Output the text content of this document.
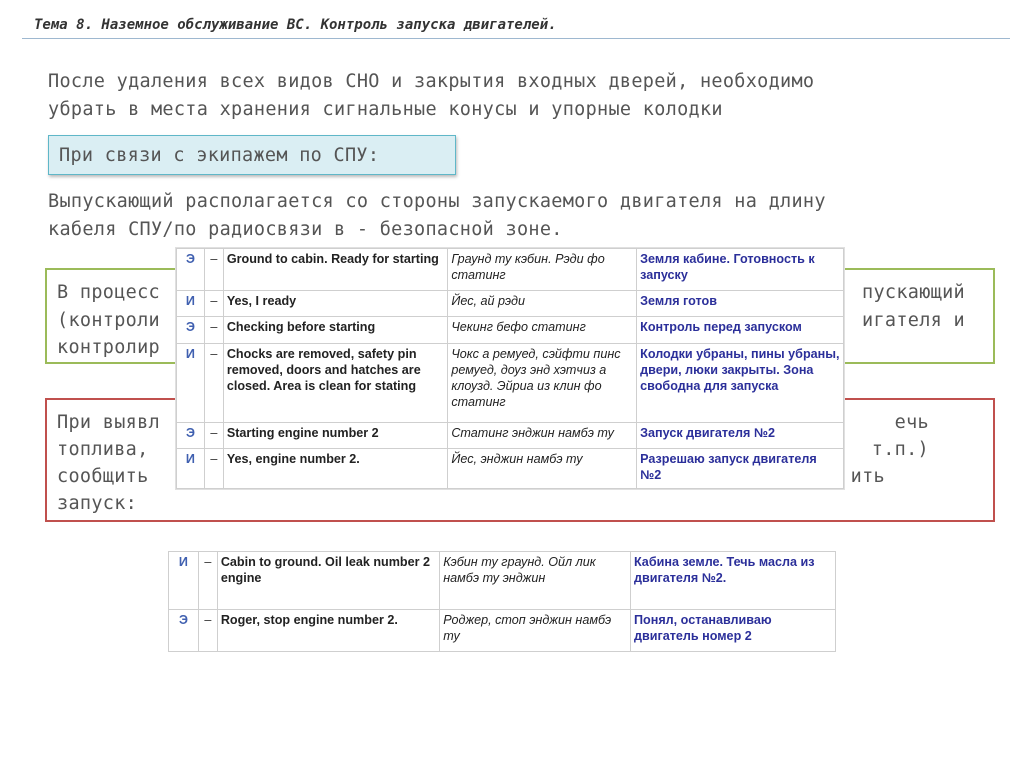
Тема 8. Наземное обслуживание ВС. Контроль запуска двигателей.
После удаления всех видов СНО и закрытия входных дверей, необходимо
убрать в места хранения сигнальные конусы и упорные колодки
При связи с экипажем по СПУ:
Выпускающий располагается со стороны запускаемого двигателя на длину
кабеля СПУ/по радиосвязи в - безопасной зоне.
В процесс
(контроли
контролир
пускающий
игателя и
При выявл
топлива,
сообщить
запуск:
ечь
т.п.)
ить
Э	–	Ground to cabin. Ready for starting	Граунд ту кэбин. Рэди фо статинг	Земля кабине. Готовность к запуску
И	–	Yes, I ready	Йес, ай рэди	Земля готов
Э	–	Checking before starting	Чекинг бефо статинг	Контроль перед запуском
И	–	Chocks are removed, safety pin removed, doors and hatches are closed. Area is clean for stating	Чокс а ремуед, сэйфти пинс ремуед, доуз энд хэтчиз а клоузд. Эйриа из клин фо статинг	Колодки убраны, пины убраны, двери, люки закрыты. Зона свободна для запуска
Э	–	Starting engine number 2	Статинг энджин намбэ ту	Запуск двигателя №2
И	–	Yes, engine number 2.	Йес, энджин намбэ ту	Разрешаю запуск двигателя №2
И	–	Cabin to ground. Oil leak number 2 engine	Кэбин ту граунд. Ойл лик намбэ ту энджин	Кабина земле. Течь масла из двигателя №2.
Э	–	Roger, stop engine number 2.	Роджер, стоп энджин намбэ ту	Понял, останавливаю двигатель номер 2
